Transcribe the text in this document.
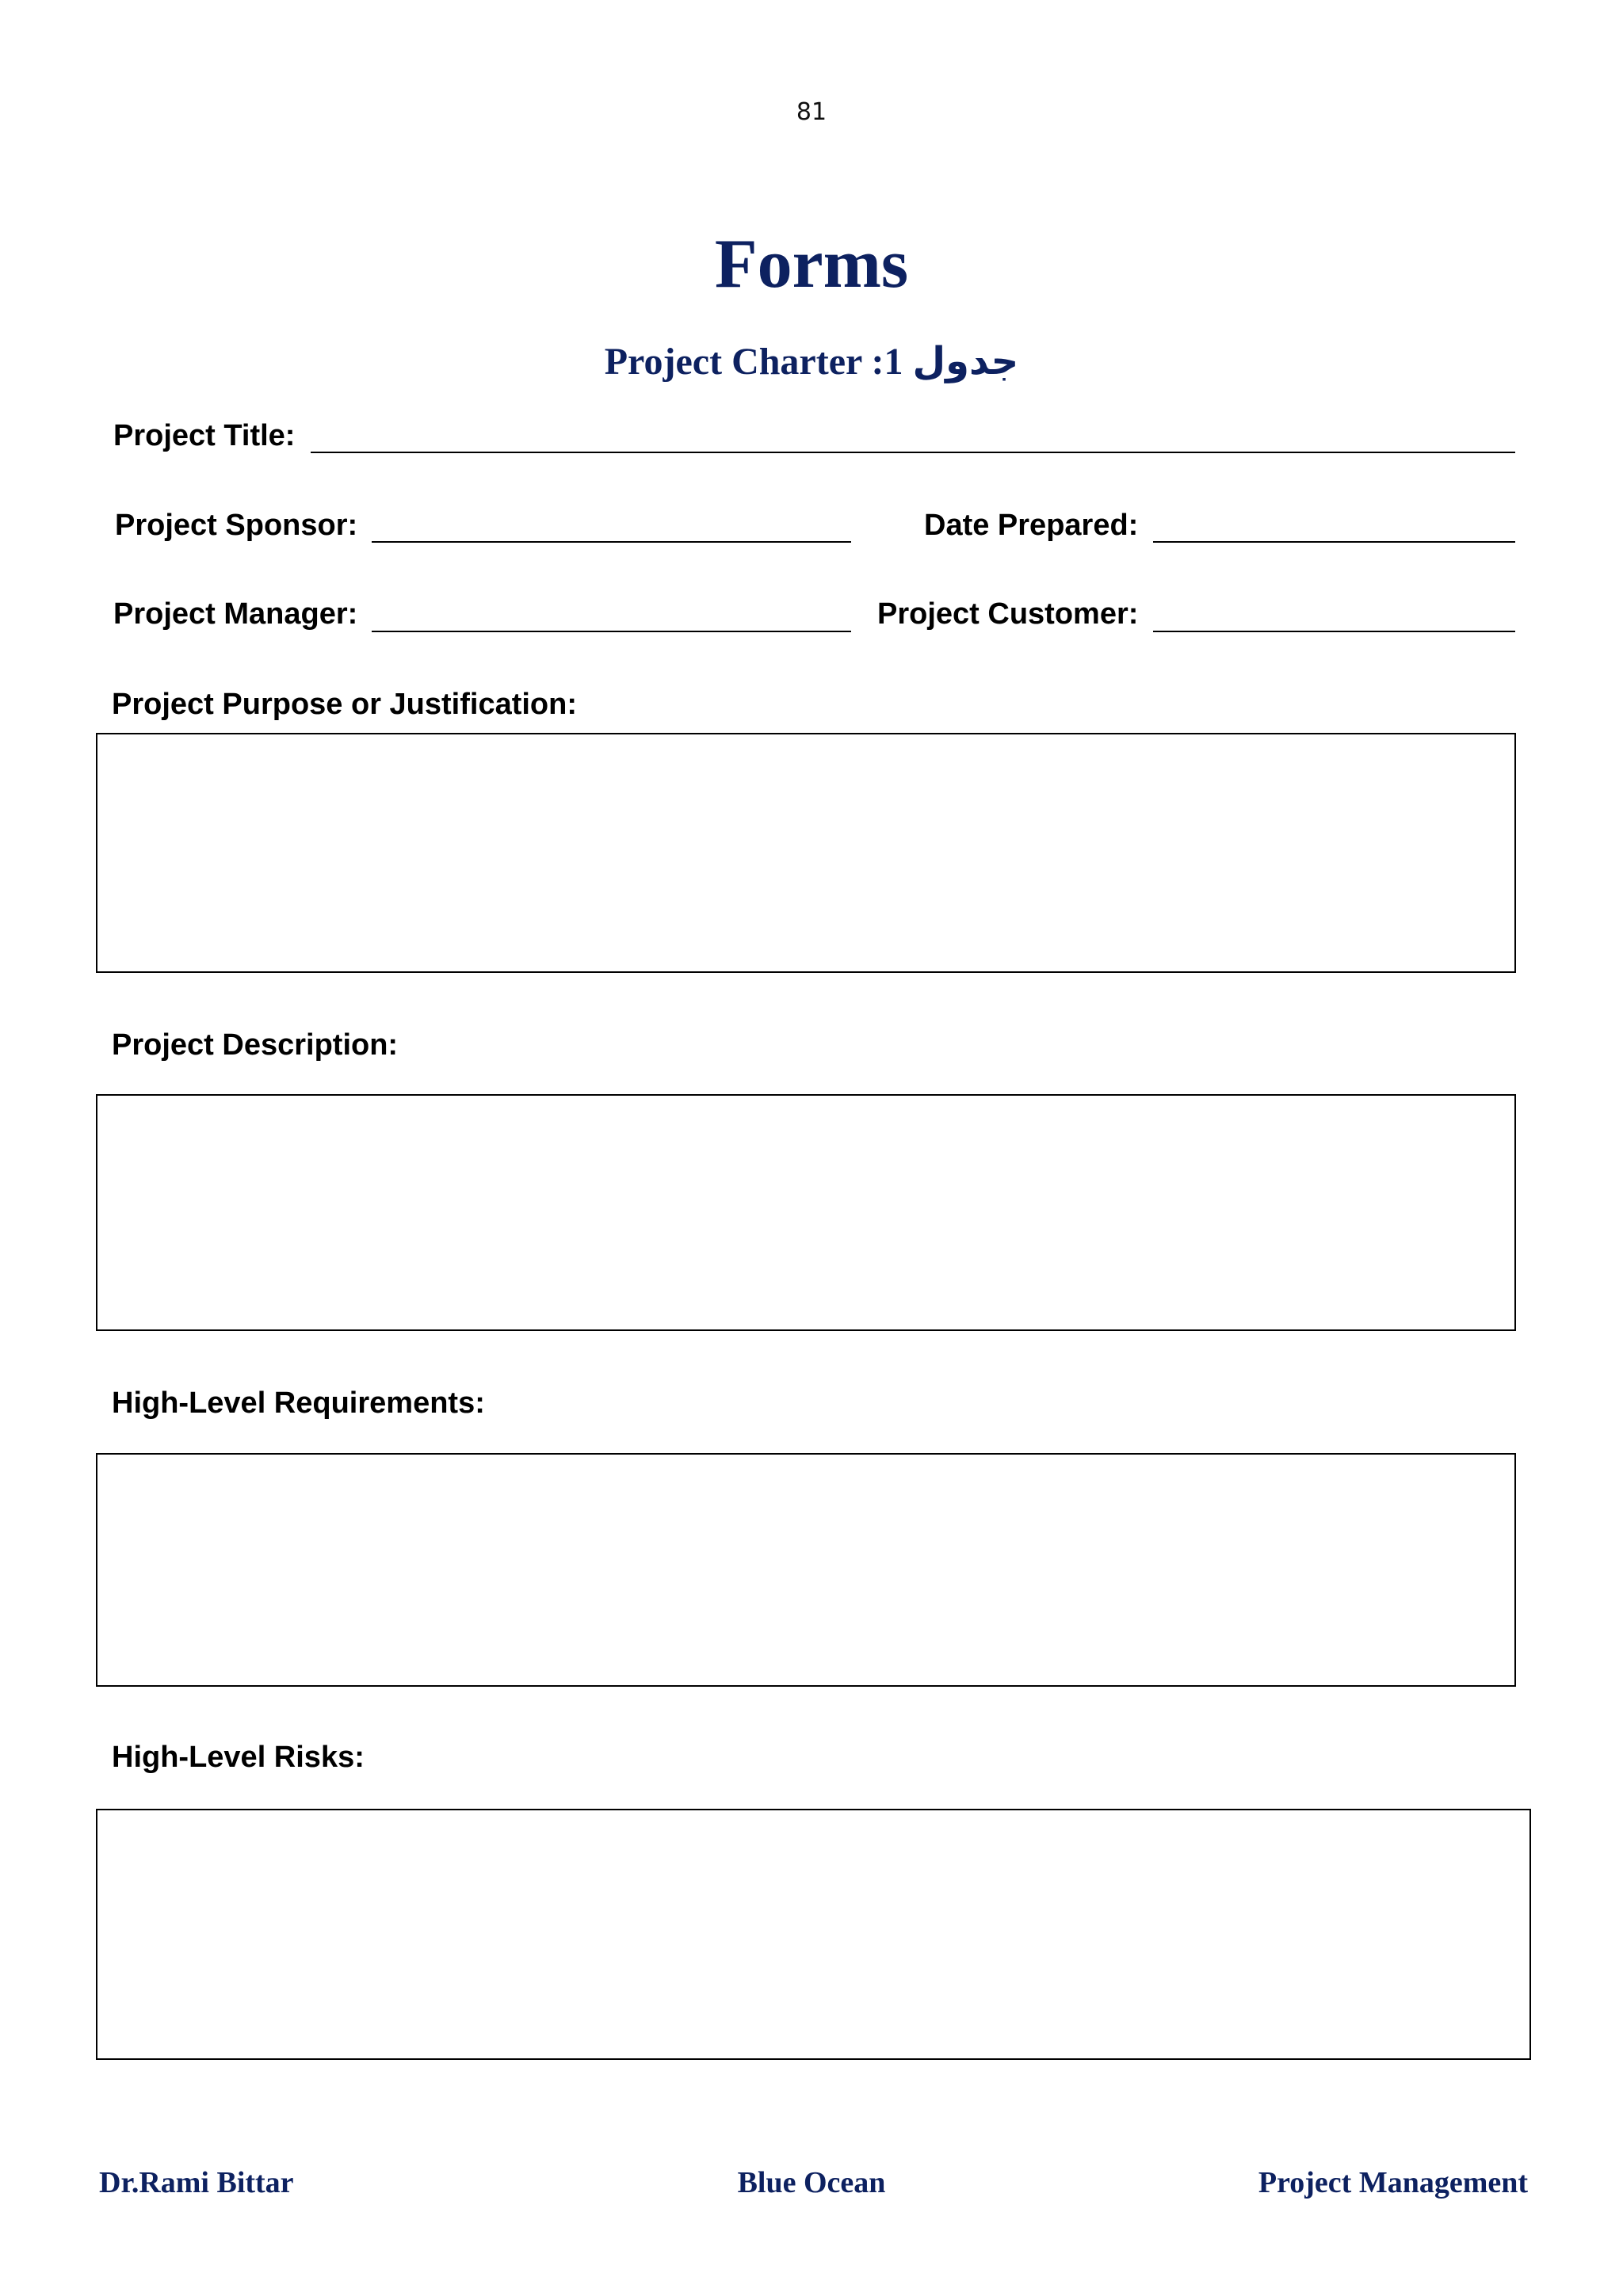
81
Forms
Project Charter :1 جدول
Project Title:
Project Sponsor:	Date Prepared:
Project Manager:	Project Customer:
Project Purpose or Justification:
Project Description:
High-Level Requirements:
High-Level Risks:
Dr.Rami Bittar	Blue Ocean	Project Management
